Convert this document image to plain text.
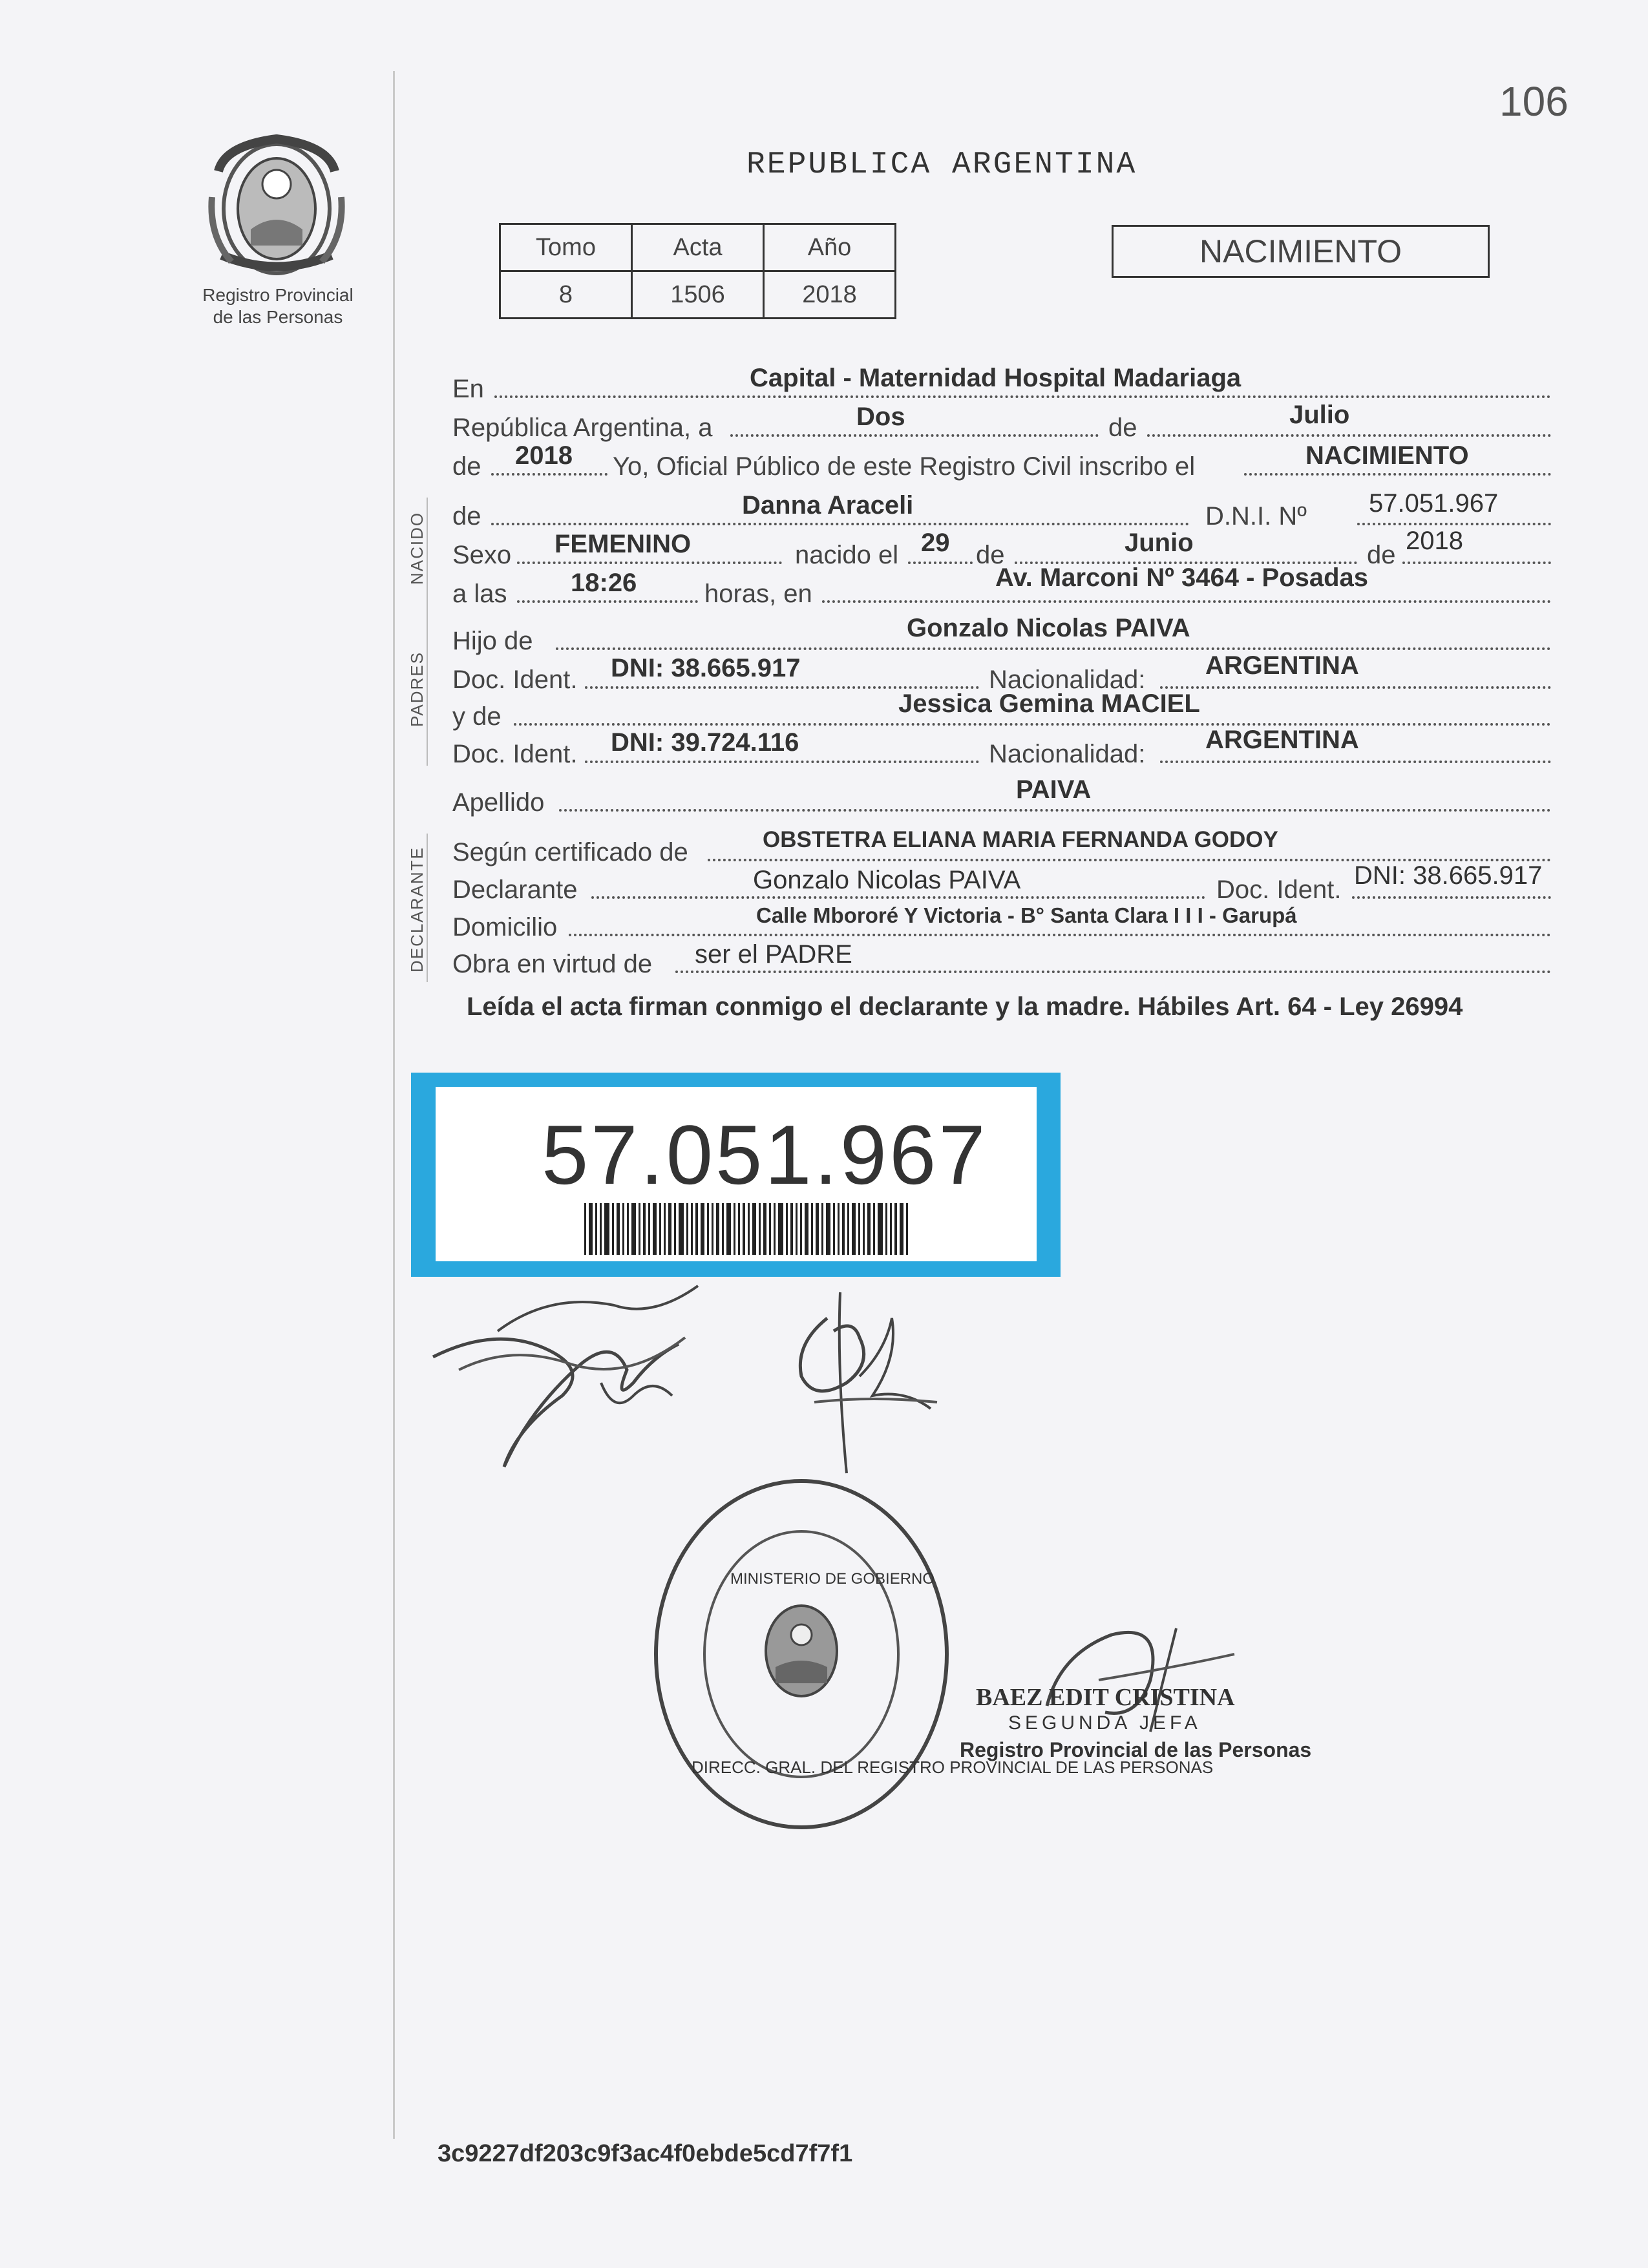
106
Registro Provincial
de las Personas
REPUBLICA ARGENTINA
Tomo	Acta	Año
8	1506	2018
NACIMIENTO
En	Capital - Maternidad Hospital Madariaga
República Argentina, a	Dos	de	Julio
de 2018 Yo, Oficial Público de este Registro Civil inscribo el	NACIMIENTO
NACIDO de	Danna Araceli	D.N.I. Nº 57.051.967
Sexo FEMENINO	nacido el 29 de	Junio	de 2018
a las 18:26	horas, en
Av. Marconi Nº 3464 - Posadas
PADRES
Hijo de	Gonzalo Nicolas PAIVA
Doc. Ident. DNI: 38.665.917	Nacionalidad: ARGENTINA
y de	Jessica Gemina MACIEL
Doc. Ident. DNI: 39.724.116	Nacionalidad: ARGENTINA
Apellido	PAIVA
DECLARANTE Según certificado de	OBSTETRA ELIANA MARIA FERNANDA GODOY
Declarante	Gonzalo Nicolas PAIVA	Doc. Ident. DNI: 38.665.917
Domicilio	Calle Mbororé Y Victoria - B° Santa Clara I I I - Garupá
Obra en virtud de ser el PADRE
Leída el acta firman conmigo el declarante y la madre. Hábiles Art. 64 - Ley 26994
57.051.967
DIRECC. GRAL. DEL REGISTRO PROVINCIAL DE LAS PERSONAS
MINISTERIO DE GOBIERNO
BAEZ EDIT CRISTINA
SEGUNDA JEFA
Registro Provincial de las Personas
3c9227df203c9f3ac4f0ebde5cd7f7f1
